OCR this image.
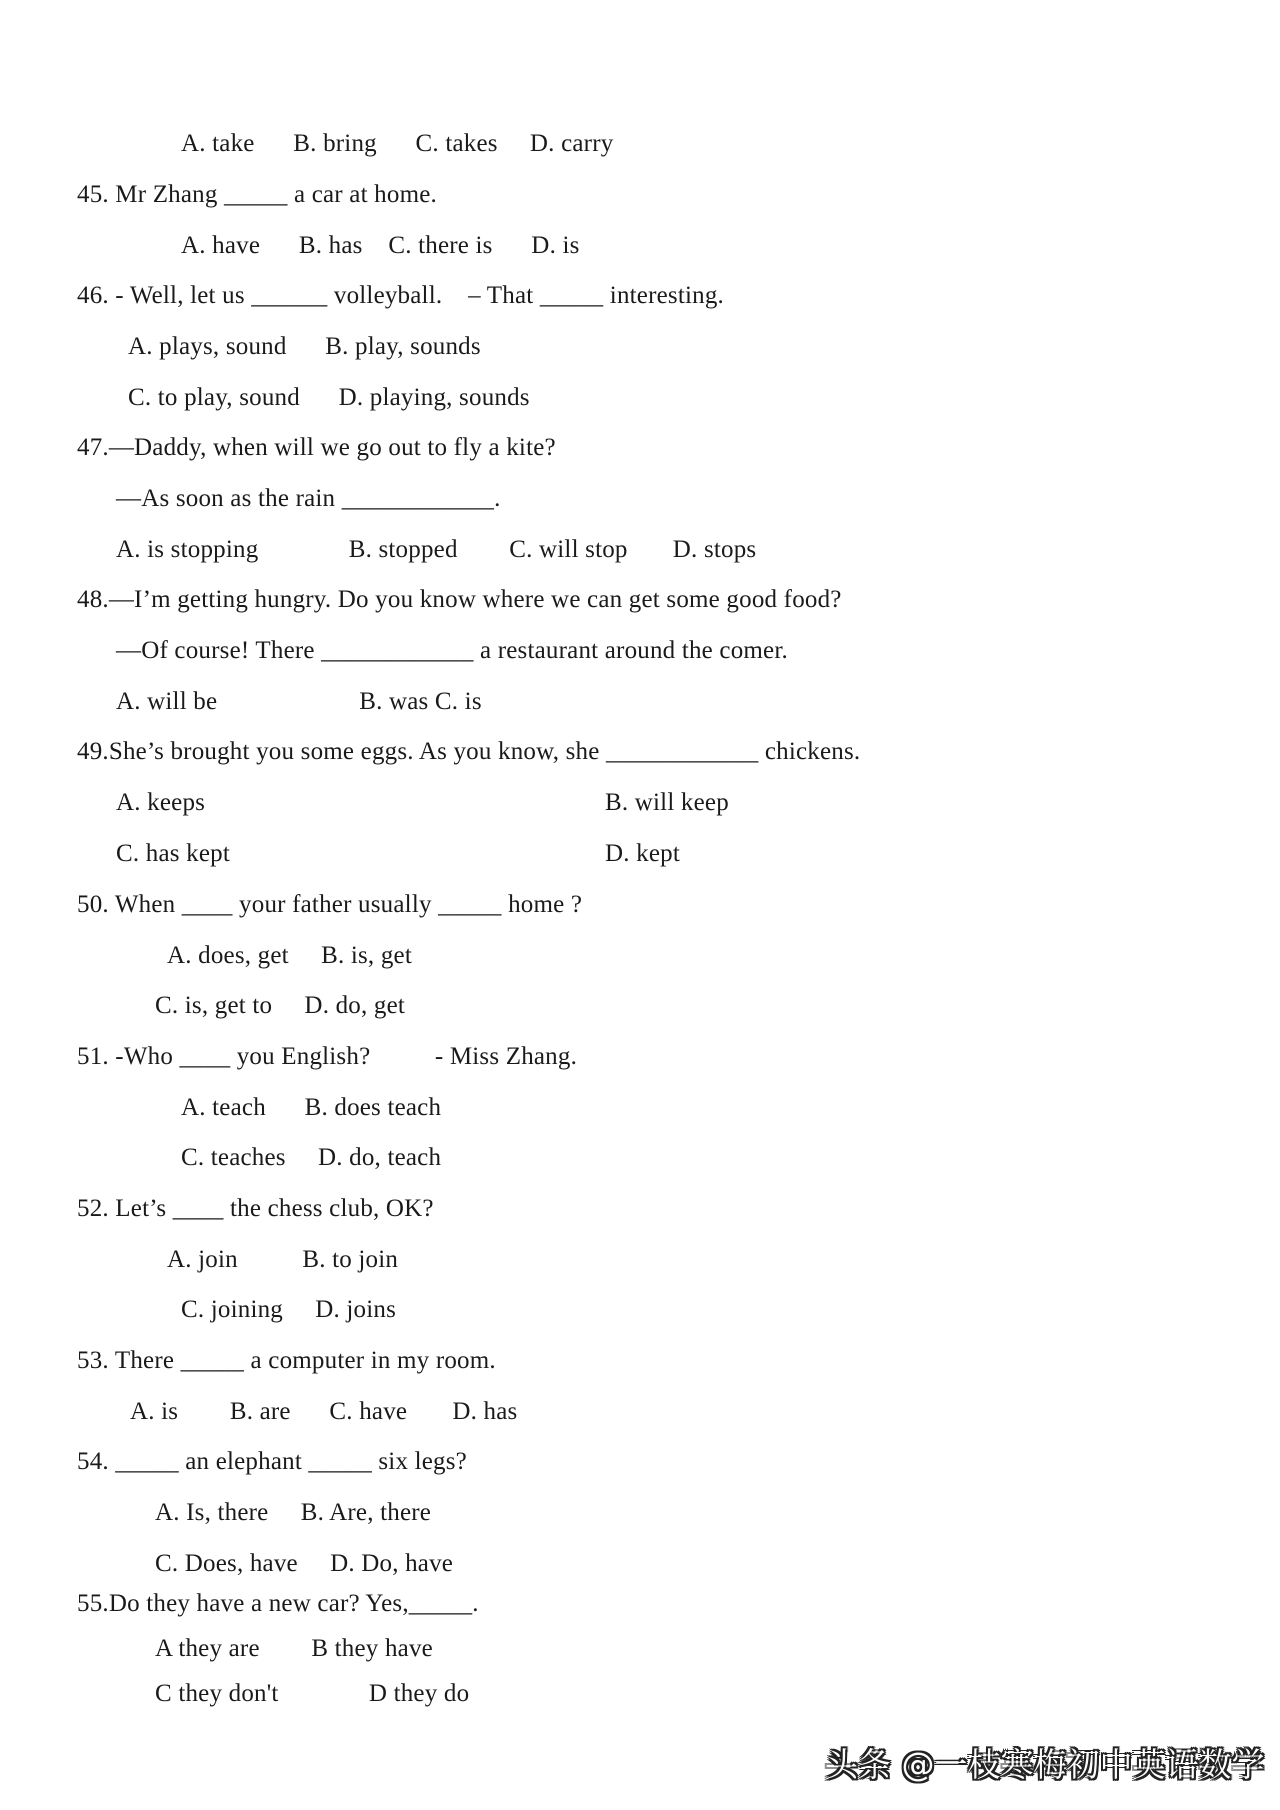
A. take      B. bring      C. takes     D. carry
45. Mr Zhang _____ a car at home.
A. have      B. has    C. there is      D. is
46. - Well, let us ______ volleyball.    – That _____ interesting.
A. plays, sound      B. play, sounds
C. to play, sound      D. playing, sounds
47.—Daddy, when will we go out to fly a kite?
—As soon as the rain ____________.
A. is stopping              B. stopped        C. will stop       D. stops
48.—I’m getting hungry. Do you know where we can get some good food?
—Of course! There ____________ a restaurant around the comer.
A. will be                      B. was C. is
49.She’s brought you some eggs. As you know, she ____________ chickens.
A. keeps	B. will keep
C. has kept	D. kept
50. When ____ your father usually _____ home ?
A. does, get     B. is, get
C. is, get to     D. do, get
51. -Who ____ you English?          - Miss Zhang.
A. teach      B. does teach
C. teaches     D. do, teach
52. Let’s ____ the chess club, OK?
A. join          B. to join
C. joining     D. joins
53. There _____ a computer in my room.
A. is        B. are      C. have       D. has
54. _____ an elephant _____ six legs?
A. Is, there     B. Are, there
C. Does, have     D. Do, have
55.Do they have a new car? Yes,_____.
A they are        B they have
C they don't              D they do
头条 @一枝寒梅初中英语数学
